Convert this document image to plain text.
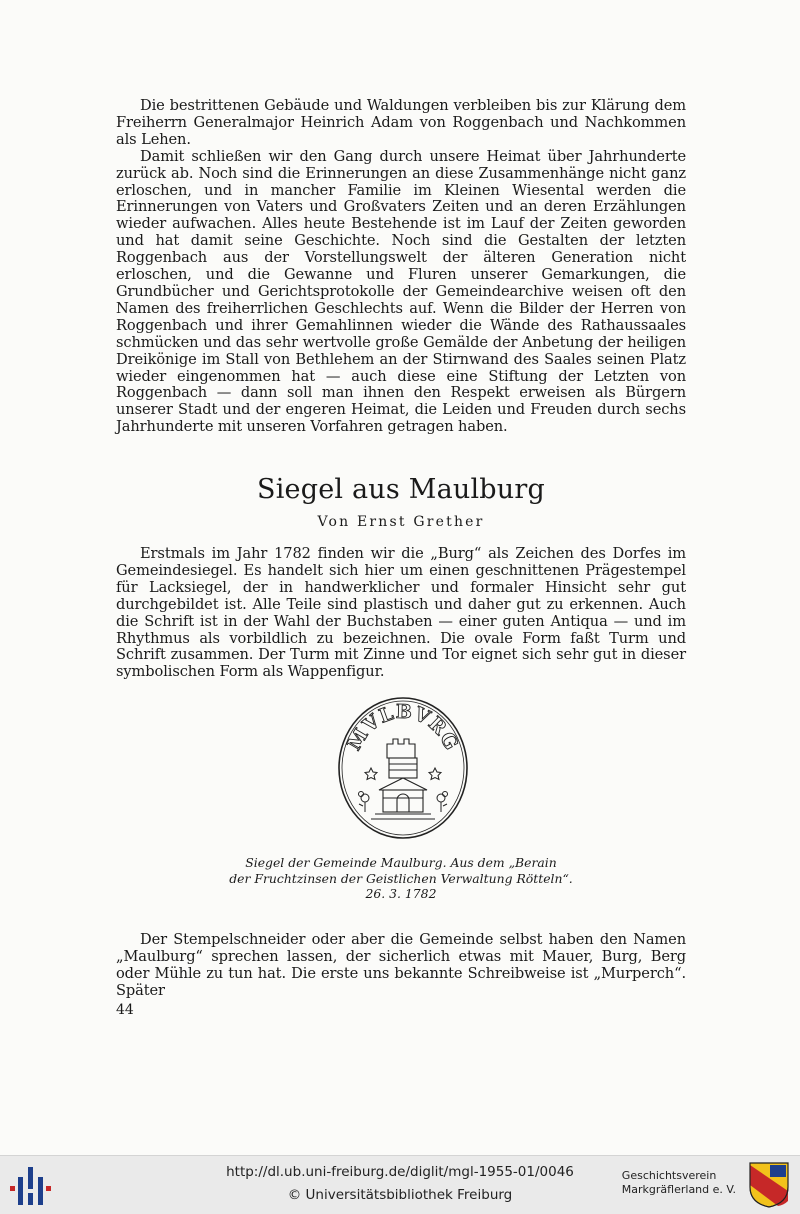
Die bestrittenen Gebäude und Waldungen verbleiben bis zur Klärung dem Freiherrn Generalmajor Heinrich Adam von Roggenbach und Nachkommen als Lehen.

Damit schließen wir den Gang durch unsere Heimat über Jahrhunderte zurück ab. Noch sind die Erinnerungen an diese Zusammenhänge nicht ganz erloschen, und in mancher Familie im Kleinen Wiesental werden die Erinnerungen von Vaters und Großvaters Zeiten und an deren Erzählungen wieder aufwachen. Alles heute Bestehende ist im Lauf der Zeiten geworden und hat damit seine Geschichte. Noch sind die Gestalten der letzten Roggenbach aus der Vorstellungswelt der älteren Generation nicht erloschen, und die Gewanne und Fluren unserer Gemarkungen, die Grundbücher und Gerichtsprotokolle der Gemeindearchive weisen oft den Namen des freiherrlichen Geschlechts auf. Wenn die Bilder der Herren von Roggenbach und ihrer Gemahlinnen wieder die Wände des Rathaussaales schmücken und das sehr wertvolle große Gemälde der Anbetung der heiligen Dreikönige im Stall von Bethlehem an der Stirnwand des Saales seinen Platz wieder eingenommen hat — auch diese eine Stiftung der Letzten von Roggenbach — dann soll man ihnen den Respekt erweisen als Bürgern unserer Stadt und der engeren Heimat, die Leiden und Freuden durch sechs Jahrhunderte mit unseren Vorfahren getragen haben.

Siegel aus Maulburg

Von Ernst Grether

Erstmals im Jahr 1782 finden wir die „Burg“ als Zeichen des Dorfes im Gemeindesiegel. Es handelt sich hier um einen geschnittenen Prägestempel für Lacksiegel, der in handwerklicher und formaler Hinsicht sehr gut durchgebildet ist. Alle Teile sind plastisch und daher gut zu erkennen. Auch die Schrift ist in der Wahl der Buchstaben — einer guten Antiqua — und im Rhythmus als vorbildlich zu bezeichnen. Die ovale Form faßt Turm und Schrift zusammen. Der Turm mit Zinne und Tor eignet sich sehr gut in dieser symbolischen Form als Wappenfigur.

MVLBVRG

Siegel der Gemeinde Maulburg. Aus dem „Berain
der Fruchtzinsen der Geistlichen Verwaltung Rötteln“.
26. 3. 1782

Der Stempelschneider oder aber die Gemeinde selbst haben den Namen „Maulburg“ sprechen lassen, der sicherlich etwas mit Mauer, Burg, Berg oder Mühle zu tun hat. Die erste uns bekannte Schreibweise ist „Murperch“. Später

44

http://dl.ub.uni-freiburg.de/diglit/mgl-1955-01/0046
© Universitätsbibliothek Freiburg
Geschichtsverein
Markgräflerland e. V.
